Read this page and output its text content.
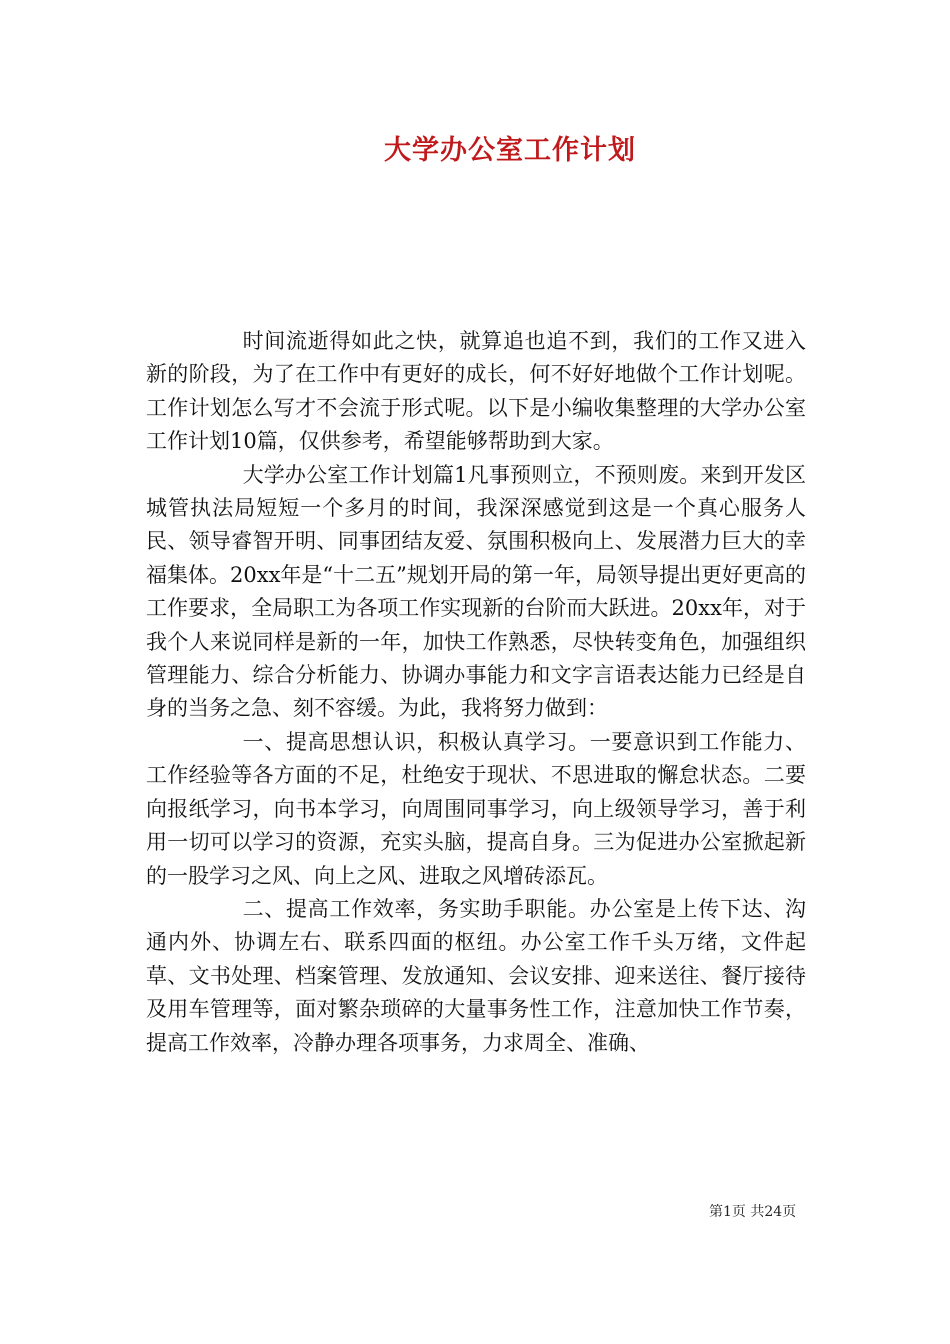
大学办公室工作计划

时间流逝得如此之快，就算追也追不到，我们的工作又进入新的阶段，为了在工作中有更好的成长，何不好好地做个工作计划呢。工作计划怎么写才不会流于形式呢。以下是小编收集整理的大学办公室工作计划10篇，仅供参考，希望能够帮助到大家。

大学办公室工作计划篇1凡事预则立，不预则废。来到开发区城管执法局短短一个多月的时间，我深深感觉到这是一个真心服务人民、领导睿智开明、同事团结友爱、氛围积极向上、发展潜力巨大的幸福集体。20xx年是“十二五”规划开局的第一年，局领导提出更好更高的工作要求，全局职工为各项工作实现新的台阶而大跃进。20xx年，对于我个人来说同样是新的一年，加快工作熟悉，尽快转变角色，加强组织管理能力、综合分析能力、协调办事能力和文字言语表达能力已经是自身的当务之急、刻不容缓。为此，我将努力做到：

一、提高思想认识，积极认真学习。一要意识到工作能力、工作经验等各方面的不足，杜绝安于现状、不思进取的懈怠状态。二要向报纸学习，向书本学习，向周围同事学习，向上级领导学习，善于利用一切可以学习的资源，充实头脑，提高自身。三为促进办公室掀起新的一股学习之风、向上之风、进取之风增砖添瓦。

二、提高工作效率，务实助手职能。办公室是上传下达、沟通内外、协调左右、联系四面的枢纽。办公室工作千头万绪，文件起草、文书处理、档案管理、发放通知、会议安排、迎来送往、餐厅接待及用车管理等，面对繁杂琐碎的大量事务性工作，注意加快工作节奏，提高工作效率，冷静办理各项事务，力求周全、准确、

第1页 共24页
